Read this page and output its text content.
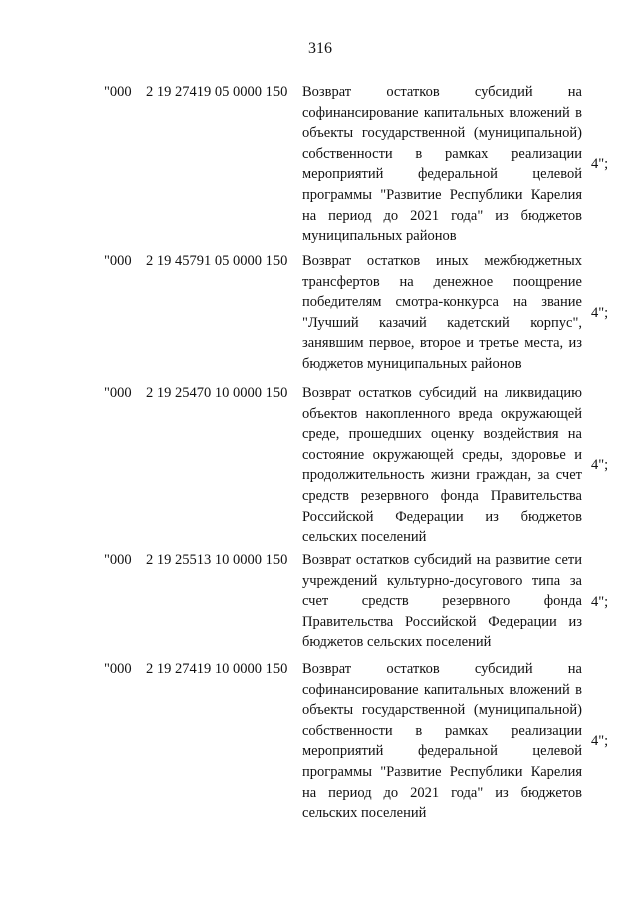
316
"000 2 19 27419 05 0000 150 Возврат остатков субсидий на софинансирование капитальных вложений в объекты государственной (муниципальной) собственности в рамках реализации мероприятий федеральной целевой программы "Развитие Республики Карелия на период до 2021 года" из бюджетов муниципальных районов
4";
"000 2 19 45791 05 0000 150 Возврат остатков иных межбюджетных трансфертов на денежное поощрение победителям смотра-конкурса на звание "Лучший казачий кадетский корпус", занявшим первое, второе и третье места, из бюджетов муниципальных районов
4";
"000 2 19 25470 10 0000 150 Возврат остатков субсидий на ликвидацию объектов накопленного вреда окружающей среде, прошедших оценку воздействия на состояние окружающей среды, здоровье и продолжительность жизни граждан, за счет средств резервного фонда Правительства Российской Федерации из бюджетов сельских поселений
4";
"000 2 19 25513 10 0000 150 Возврат остатков субсидий на развитие сети учреждений культурно-досугового типа за счет средств резервного фонда Правительства Российской Федерации из бюджетов сельских поселений
4";
"000 2 19 27419 10 0000 150 Возврат остатков субсидий на софинансирование капитальных вложений в объекты государственной (муниципальной) собственности в рамках реализации мероприятий федеральной целевой программы "Развитие Республики Карелия на период до 2021 года" из бюджетов сельских поселений
4";
